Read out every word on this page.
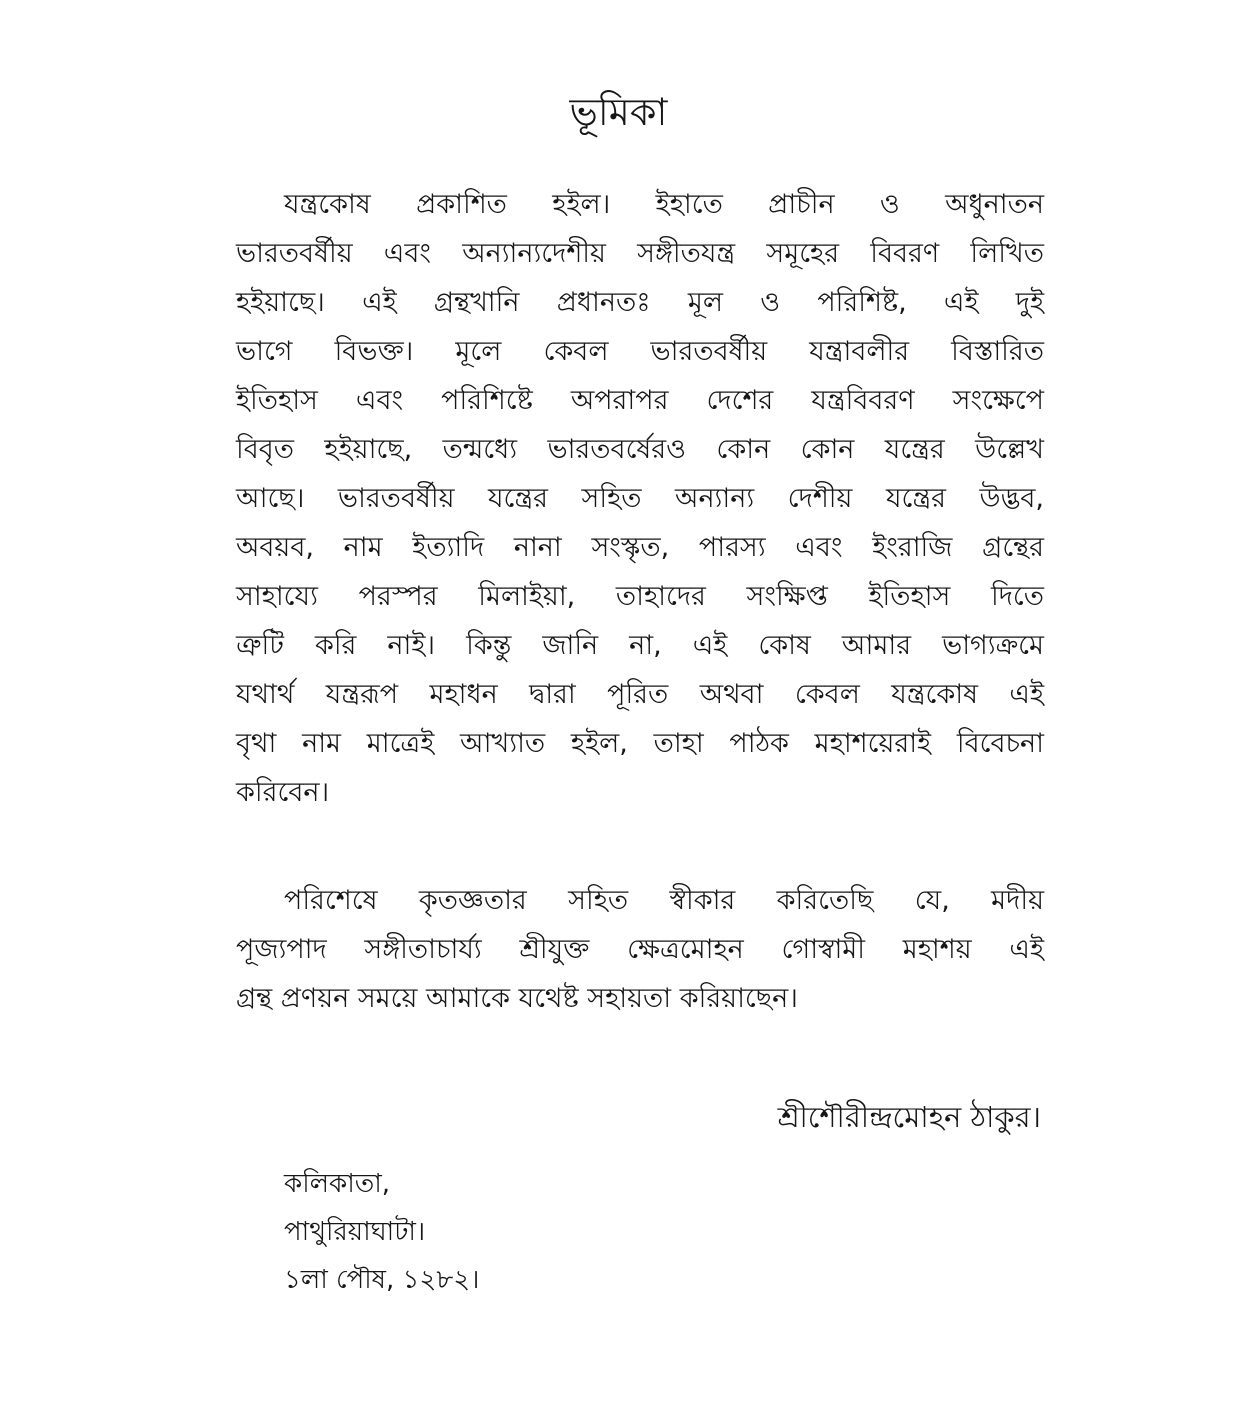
ভূমিকা
যন্ত্রকোষ প্রকাশিত হইল। ইহাতে প্রাচীন ও অধুনাতন
ভারতবর্ষীয় এবং অন্যান্যদেশীয় সঙ্গীতযন্ত্র সমূহের বিবরণ লিখিত
হইয়াছে। এই গ্রন্থখানি প্রধানতঃ মূল ও পরিশিষ্ট, এই দুই
ভাগে বিভক্ত। মূলে কেবল ভারতবর্ষীয় যন্ত্রাবলীর বিস্তারিত
ইতিহাস এবং পরিশিষ্টে অপরাপর দেশের যন্ত্রবিবরণ সংক্ষেপে
বিবৃত হইয়াছে, তন্মধ্যে ভারতবর্ষেরও কোন কোন যন্ত্রের উল্লেখ
আছে। ভারতবর্ষীয় যন্ত্রের সহিত অন্যান্য দেশীয় যন্ত্রের উদ্ভব,
অবয়ব, নাম ইত্যাদি নানা সংস্কৃত, পারস্য এবং ইংরাজি গ্রন্থের
সাহায্যে পরস্পর মিলাইয়া, তাহাদের সংক্ষিপ্ত ইতিহাস দিতে
ত্রুটি করি নাই। কিন্তু জানি না, এই কোষ আমার ভাগ্যক্রমে
যথার্থ যন্ত্ররূপ মহাধন দ্বারা পূরিত অথবা কেবল যন্ত্রকোষ এই
বৃথা নাম মাত্রেই আখ্যাত হইল, তাহা পাঠক মহাশয়েরাই বিবেচনা
করিবেন।
পরিশেষে কৃতজ্ঞতার সহিত স্বীকার করিতেছি যে, মদীয়
পূজ্যপাদ সঙ্গীতাচার্য্য শ্রীযুক্ত ক্ষেত্রমোহন গোস্বামী মহাশয় এই
গ্রন্থ প্রণয়ন সময়ে আমাকে যথেষ্ট সহায়তা করিয়াছেন।
শ্রীশৌরীন্দ্রমোহন ঠাকুর।
কলিকাতা,
পাথুরিয়াঘাটা।
১লা পৌষ, ১২৮২।
